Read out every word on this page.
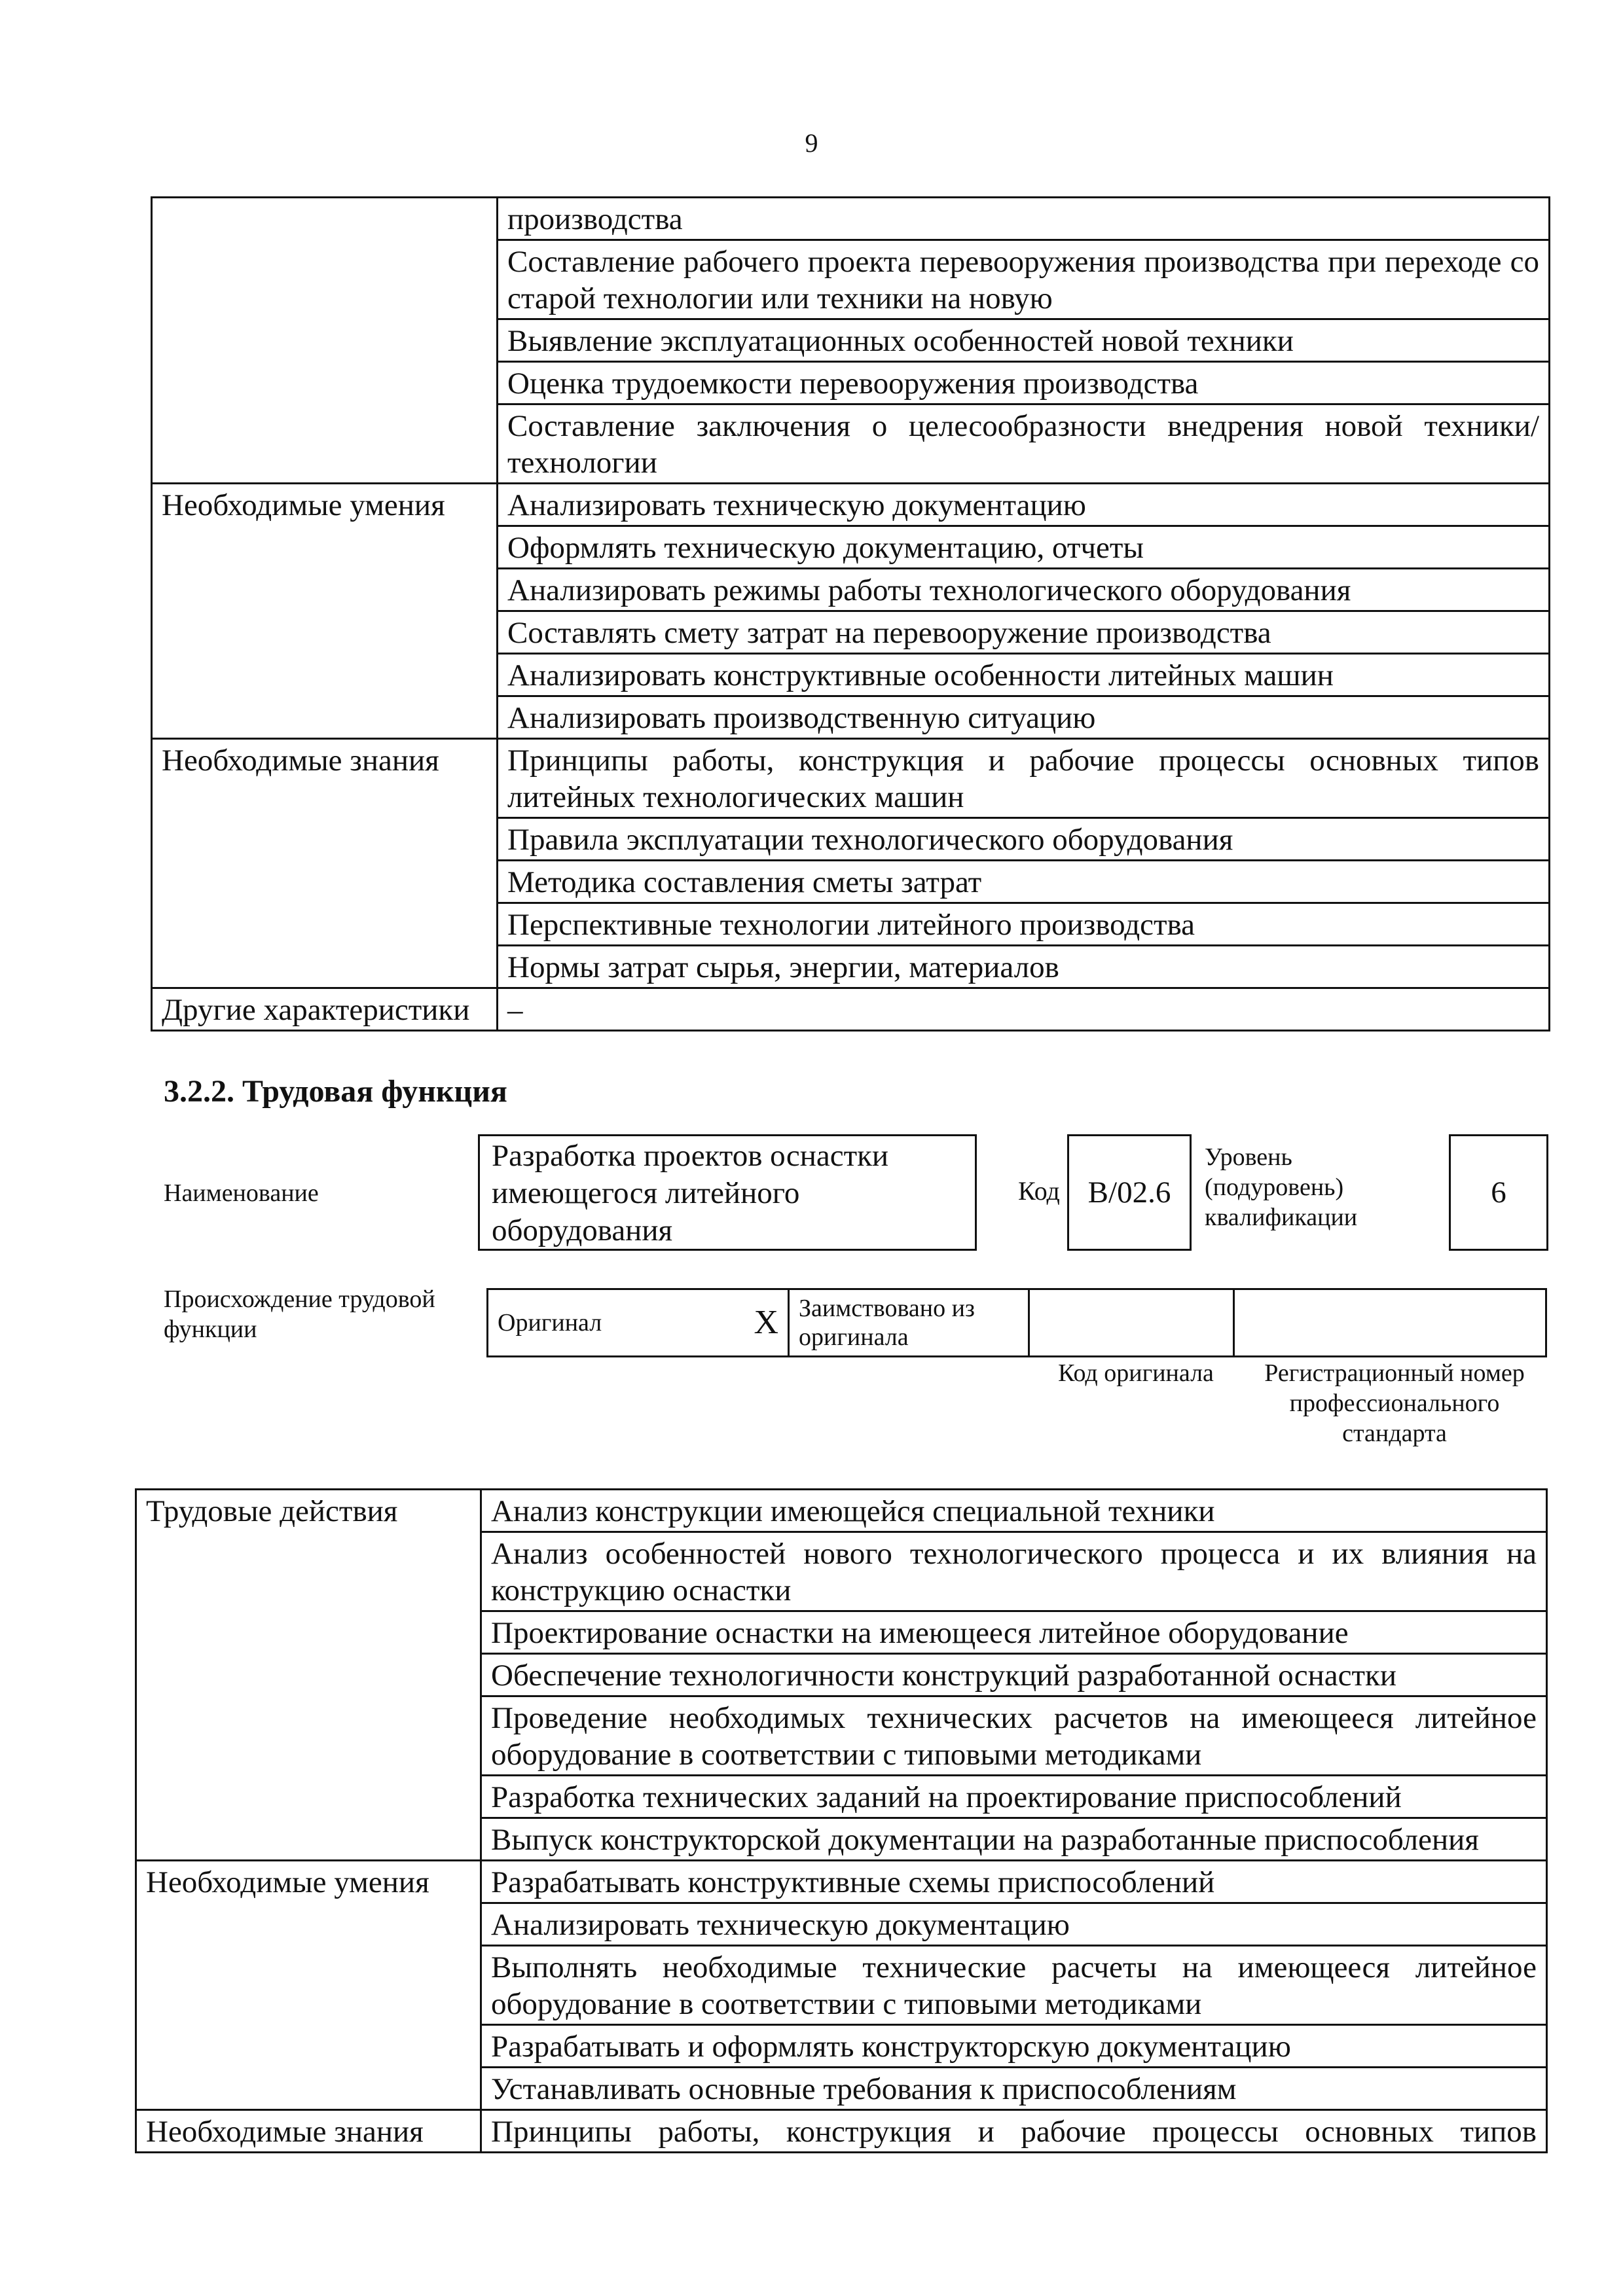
9
	производства
	Составление рабочего проекта перевооружения производства при переходе со старой технологии или техники на новую
	Выявление эксплуатационных особенностей новой техники
	Оценка трудоемкости перевооружения производства
	Составление заключения о целесообразности внедрения новой техники/технологии
Необходимые умения	Анализировать техническую документацию
	Оформлять техническую документацию, отчеты
	Анализировать режимы работы технологического оборудования
	Составлять смету затрат на перевооружение производства
	Анализировать конструктивные особенности литейных машин
	Анализировать производственную ситуацию
Необходимые знания	Принципы работы, конструкция и рабочие процессы основных типов литейных технологических машин
	Правила эксплуатации технологического оборудования
	Методика составления сметы затрат
	Перспективные технологии литейного производства
	Нормы затрат сырья, энергии, материалов
Другие характеристики	–
3.2.2. Трудовая функция
Наименование
Разработка проектов оснастки имеющегося литейного оборудования
Код B/02.6
Уровень (подуровень) квалификации
6
Происхождение трудовой функции	Оригинал	X	Заимствовано из оригинала		
Код оригинала	Регистрационный номер профессионального стандарта
Трудовые действия	Анализ конструкции имеющейся специальной техники
	Анализ особенностей нового технологического процесса и их влияния на конструкцию оснастки
	Проектирование оснастки на имеющееся литейное оборудование
	Обеспечение технологичности конструкций разработанной оснастки
	Проведение необходимых технических расчетов на имеющееся литейное оборудование в соответствии с типовыми методиками
	Разработка технических заданий на проектирование приспособлений
	Выпуск конструкторской документации на разработанные приспособления
Необходимые умения	Разрабатывать конструктивные схемы приспособлений
	Анализировать техническую документацию
	Выполнять необходимые технические расчеты на имеющееся литейное оборудование в соответствии с типовыми методиками
	Разрабатывать и оформлять конструкторскую документацию
	Устанавливать основные требования к приспособлениям
Необходимые знания	Принципы работы, конструкция и рабочие процессы основных типов
